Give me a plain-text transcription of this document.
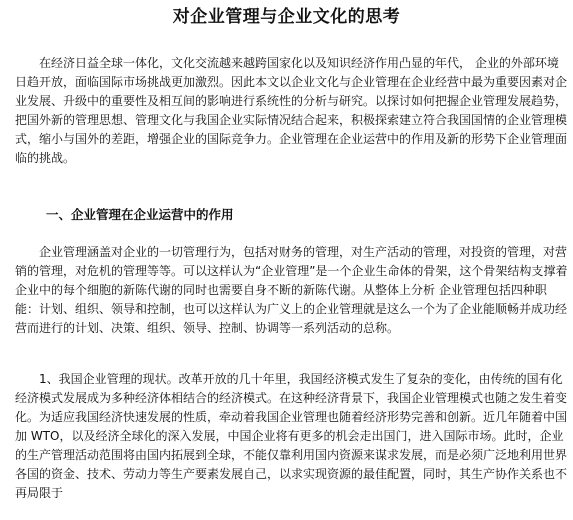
对企业管理与企业文化的思考

在经济日益全球一体化，文化交流越来越跨国家化以及知识经济作用凸显的年代， 企业的外部环境日趋开放，面临国际市场挑战更加激烈。因此本文以企业文化与企业管理在企业经营中最为重要因素对企业发展、升级中的重要性及相互间的影响进行系统性的分析与研究。以探讨如何把握企业管理发展趋势，把国外新的管理思想、管理文化与我国企业实际情况结合起来，积极探索建立符合我国国情的企业管理模式，缩小与国外的差距，增强企业的国际竞争力。企业管理在企业运营中的作用及新的形势下企业管理面临的挑战。

一、企业管理在企业运营中的作用

企业管理涵盖对企业的一切管理行为，包括对财务的管理，对生产活动的管理，对投资的管理，对营销的管理，对危机的管理等等。可以这样认为“企业管理”是一个企业生命体的骨架，这个骨架结构支撑着企业中的每个细胞的新陈代谢的同时也需要自身不断的新陈代谢。从整体上分析 企业管理包括四种职能：计划、组织、领导和控制，也可以这样认为广义上的企业管理就是这么一个为了企业能顺畅并成功经营而进行的计划、决策、组织、领导、控制、协调等一系列活动的总称。

1、我国企业管理的现状。改革开放的几十年里，我国经济模式发生了复杂的变化，由传统的国有化经济模式发展成为多种经济体相结合的经济模式。在这种经济背景下，我国企业管理模式也随之发生着变化。为适应我国经济快速发展的性质，牵动着我国企业管理也随着经济形势完善和创新。近几年随着中国加 WTO，以及经济全球化的深入发展，中国企业将有更多的机会走出国门，进入国际市场。此时，企业的生产管理活动范围将由国内拓展到全球，不能仅靠利用国内资源来谋求发展，而是必须广泛地利用世界各国的资金、技术、劳动力等生产要素发展自己，以求实现资源的最佳配置，同时，其生产协作关系也不再局限于
